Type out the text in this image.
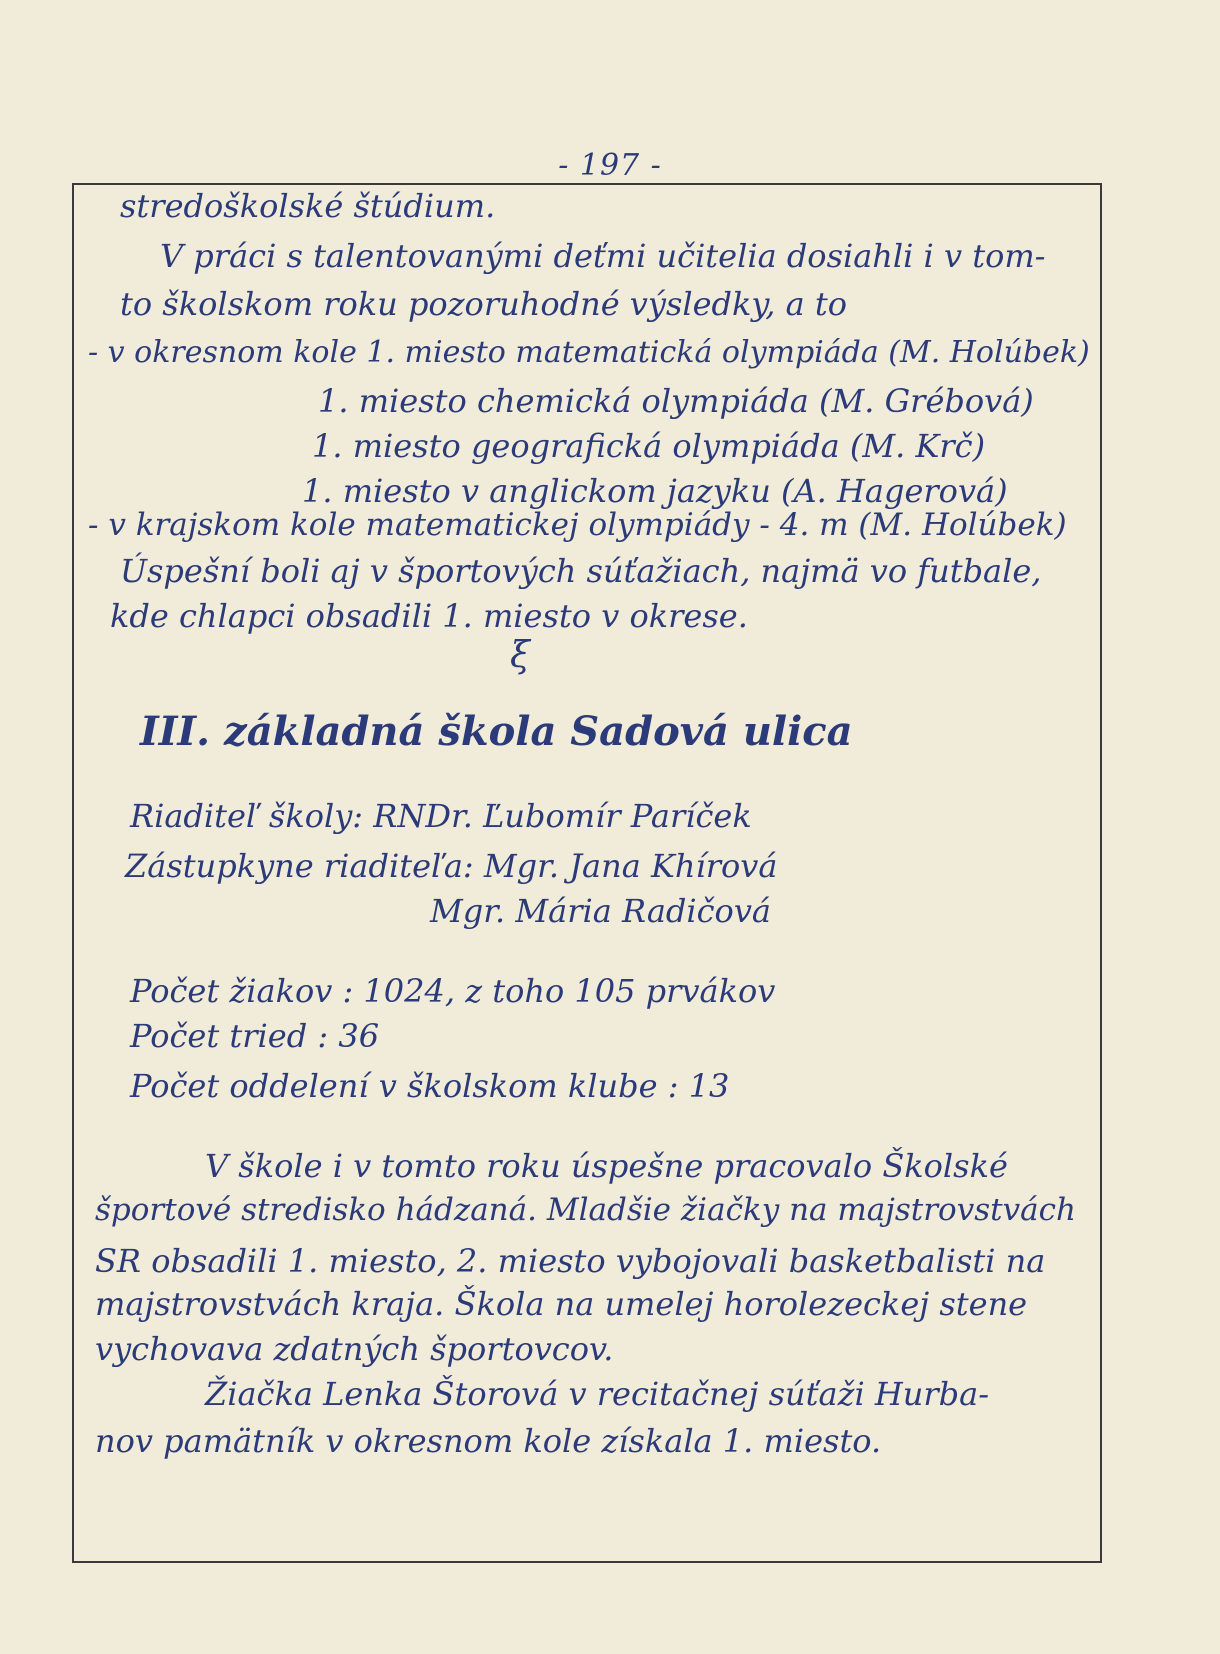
- 197 -
stredoškolské štúdium.
V práci s talentovanými deťmi učitelia dosiahli i v tom-
to školskom roku pozoruhodné výsledky, a to
- v okresnom kole 1. miesto matematická olympiáda (M. Holúbek)
1. miesto chemická olympiáda (M. Grébová)
1. miesto geografická olympiáda (M. Krč)
1. miesto v anglickom jazyku (A. Hagerová)
- v krajskom kole matematickej olympiády - 4. m (M. Holúbek)
Úspešní boli aj v športových súťažiach, najmä vo futbale,
kde chlapci obsadili 1. miesto v okrese.
ξ
III. základná škola Sadová ulica
Riaditeľ školy: RNDr. Ľubomír Paríček
Zástupkyne riaditeľa: Mgr. Jana Khírová
Mgr. Mária Radičová
Počet žiakov : 1024, z toho 105 prvákov
Počet tried : 36
Počet oddelení v školskom klube : 13
V škole i v tomto roku úspešne pracovalo Školské
športové stredisko hádzaná. Mladšie žiačky na majstrovstvách
SR obsadili 1. miesto, 2. miesto vybojovali basketbalisti na
majstrovstvách kraja. Škola na umelej horolezeckej stene
vychovava zdatných športovcov.
Žiačka Lenka Štorová v recitačnej súťaži Hurba-
nov pamätník v okresnom kole získala 1. miesto.
